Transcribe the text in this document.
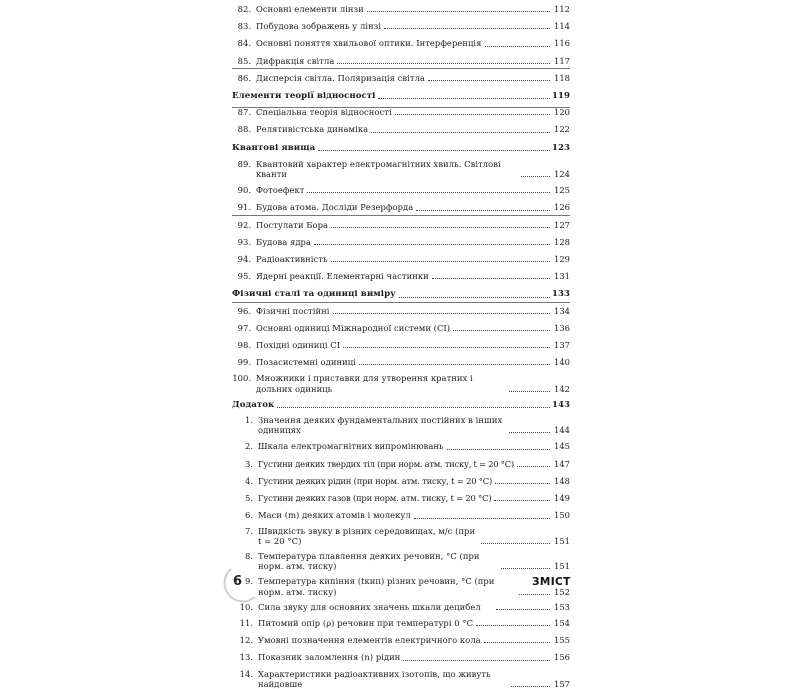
82. Основні елементи лінзи	112
83. Побудова зображень у лінзі	114
84. Основні поняття хвильової оптики. Інтерференція	116
85. Дифракція світла	117
86. Дисперсія світла. Поляризація світла	118
Елементи теорії відносності	119
87. Спеціальна теорія відносності	120
88. Релятивістська динаміка	122
Квантові явища	123
89. Квантовий характер електромагнітних хвиль. Світлові кванти	124
90. Фотоефект	125
91. Будова атома. Досліди Резерфорда	126
92. Постулати Бора	127
93. Будова ядра	128
94. Радіоактивність	129
95. Ядерні реакції. Елементарні частинки	131
Фізичні сталі та одиниці виміру	133
96. Фізичні постійні	134
97. Основні одиниці Міжнародної системи (СІ)	136
98. Похідні одиниці СІ	137
99. Позасистемні одиниці	140
100. Множники і приставки для утворення кратних і дольних одиниць	142
Додаток	143
1. Значення деяких фундаментальних постійних в інших одиницях	144
2. Шкала електромагнітних випромінювань	145
3. Густини деяких твердих тіл (при норм. атм. тиску, t = 20 °C)	147
4. Густини деяких рідин (при норм. атм. тиску, t = 20 °C)	148
5. Густини деяких газов (при норм. атм. тиску, t = 20 °C)	149
6. Маси (m) деяких атомів і молекул	150
7. Швидкість звуку в різних середовищах, м/с (при t = 20 °C)	151
8. Температура плавлення деяких речовин, °C (при норм. атм. тиску)	151
9. Температура кипіння (tкип) різних речовин, °C (при норм. атм. тиску)	152
10. Сила звуку для основних значень шкали децибел	153
11. Питомий опір (ρ) речовин при температурі 0 °C	154
12. Умовні позначення елементів електричного кола	155
13. Показник заломлення (n) рідин	156
14. Характеристики радіоактивних ізотопів, що живуть найдовше	157
6	ЗМІСТ
